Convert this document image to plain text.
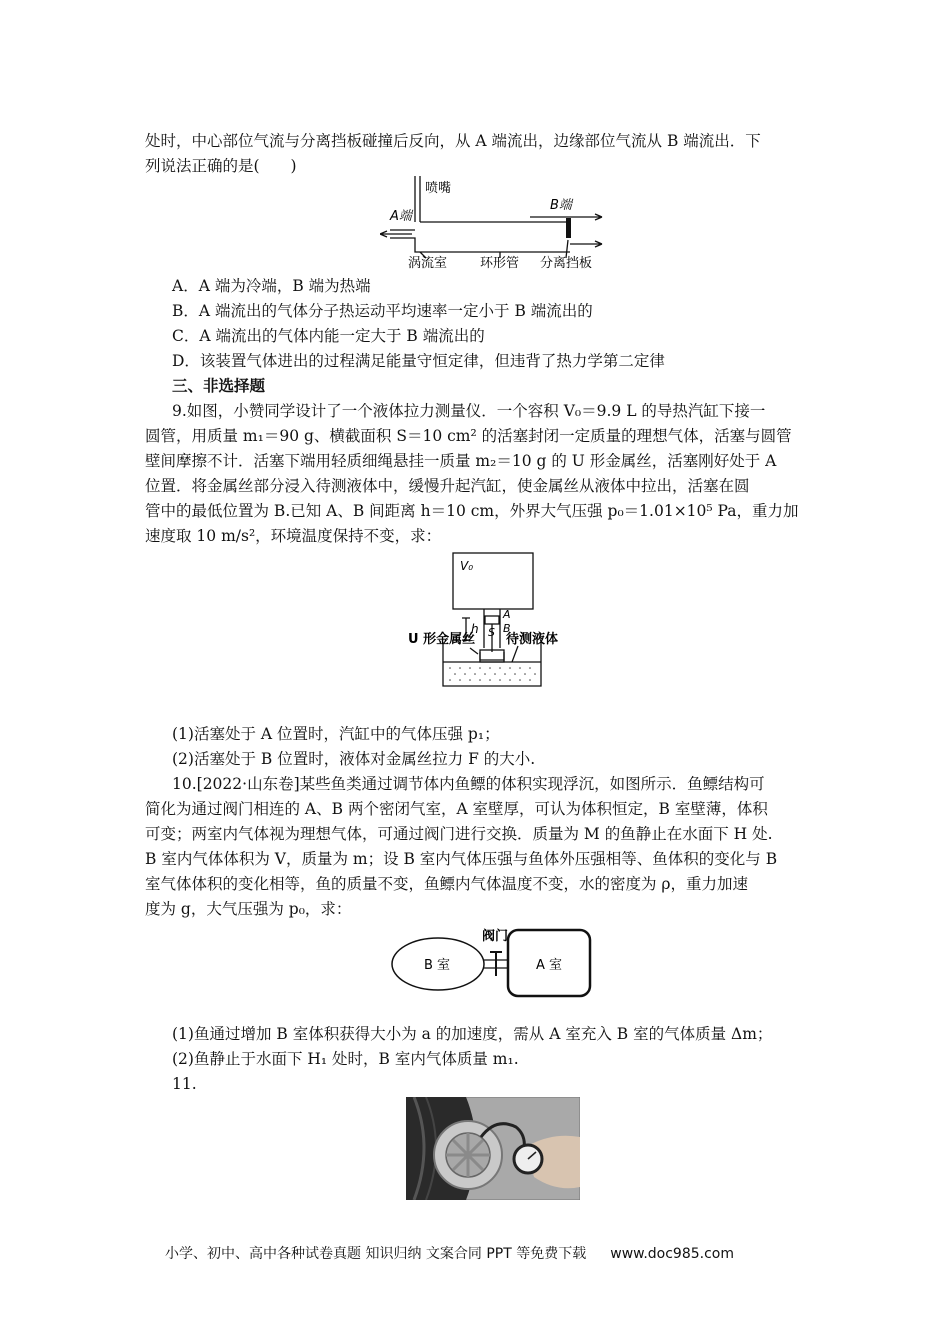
处时，中心部位气流与分离挡板碰撞后反向，从 A 端流出，边缘部位气流从 B 端流出．下
列说法正确的是(　　)
喷嘴
A端
B端
涡流室	环形管 分离挡板
A．A 端为冷端，B 端为热端
B．A 端流出的气体分子热运动平均速率一定小于 B 端流出的
C．A 端流出的气体内能一定大于 B 端流出的
D．该装置气体进出的过程满足能量守恒定律，但违背了热力学第二定律
三、非选择题
9.如图，小赞同学设计了一个液体拉力测量仪．一个容积 V₀＝9.9 L 的导热汽缸下接一
圆管，用质量 m₁＝90 g、横截面积 S＝10 cm² 的活塞封闭一定质量的理想气体，活塞与圆管
壁间摩擦不计．活塞下端用轻质细绳悬挂一质量 m₂＝10 g 的 U 形金属丝，活塞刚好处于 A
位置．将金属丝部分浸入待测液体中，缓慢升起汽缸，使金属丝从液体中拉出，活塞在圆
管中的最低位置为 B.已知 A、B 间距离 h＝10 cm，外界大气压强 p₀＝1.01×10⁵ Pa，重力加
速度取 10 m/s²，环境温度保持不变，求：
V₀
h S
A
B
U 形金属丝 待测液体
(1)活塞处于 A 位置时，汽缸中的气体压强 p₁；
(2)活塞处于 B 位置时，液体对金属丝拉力 F 的大小.
10.[2022·山东卷]某些鱼类通过调节体内鱼鳔的体积实现浮沉，如图所示．鱼鳔结构可
简化为通过阀门相连的 A、B 两个密闭气室，A 室壁厚，可认为体积恒定，B 室壁薄，体积
可变；两室内气体视为理想气体，可通过阀门进行交换．质量为 M 的鱼静止在水面下 H 处.
B 室内气体体积为 V，质量为 m；设 B 室内气体压强与鱼体外压强相等、鱼体积的变化与 B
室气体体积的变化相等，鱼的质量不变，鱼鳔内气体温度不变，水的密度为 ρ，重力加速
度为 g，大气压强为 p₀，求：
阀门
B 室	A 室
(1)鱼通过增加 B 室体积获得大小为 a 的加速度，需从 A 室充入 B 室的气体质量 Δm；
(2)鱼静止于水面下 H₁ 处时，B 室内气体质量 m₁.
11.
小学、初中、高中各种试卷真题 知识归纳 文案合同 PPT 等免费下载 www.doc985.com
